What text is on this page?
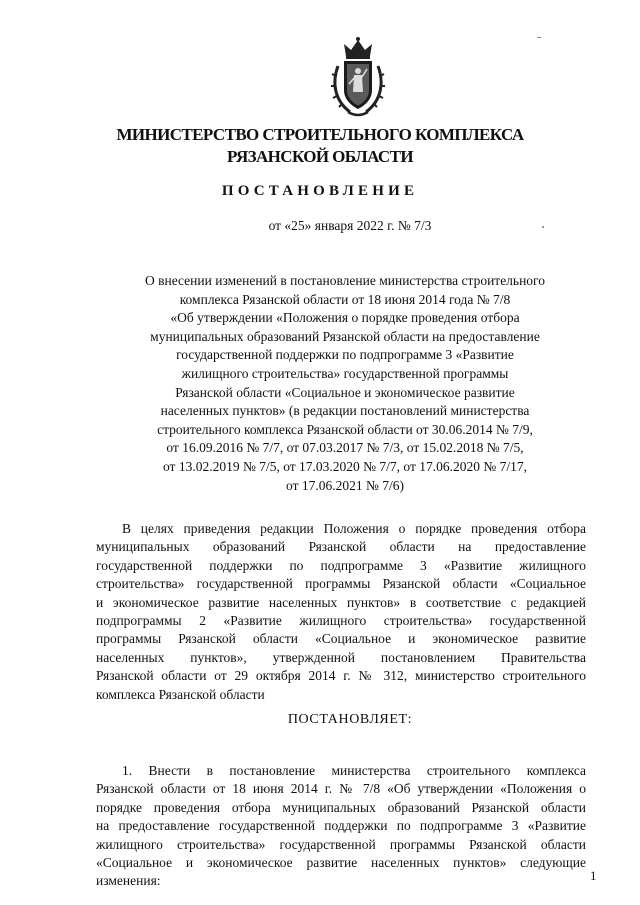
МИНИСТЕРСТВО СТРОИТЕЛЬНОГО КОМПЛЕКСА
РЯЗАНСКОЙ ОБЛАСТИ
ПОСТАНОВЛЕНИЕ
от «25» января 2022 г. № 7/3
О внесении изменений в постановление министерства строительного
комплекса Рязанской области от 18 июня 2014 года № 7/8
«Об утверждении «Положения о порядке проведения отбора
муниципальных образований Рязанской области на предоставление
государственной поддержки по подпрограмме 3 «Развитие
жилищного строительства» государственной программы
Рязанской области «Социальное и экономическое развитие
населенных пунктов» (в редакции постановлений министерства
строительного комплекса Рязанской области от 30.06.2014 № 7/9,
от 16.09.2016 № 7/7, от 07.03.2017 № 7/3, от 15.02.2018 № 7/5,
от 13.02.2019 № 7/5, от 17.03.2020 № 7/7, от 17.06.2020 № 7/17,
от 17.06.2021 № 7/6)
В целях приведения редакции Положения о порядке проведения отбора
муниципальных образований Рязанской области на предоставление
государственной поддержки по подпрограмме 3 «Развитие жилищного
строительства» государственной программы Рязанской области «Социальное
и экономическое развитие населенных пунктов» в соответствие с редакцией
подпрограммы 2 «Развитие жилищного строительства» государственной
программы Рязанской области «Социальное и экономическое развитие
населенных пунктов», утвержденной постановлением Правительства
Рязанской области от 29 октября 2014 г. № 312, министерство строительного
комплекса Рязанской области
ПОСТАНОВЛЯЕТ:
1. Внести в постановление министерства строительного комплекса
Рязанской области от 18 июня 2014 г. № 7/8 «Об утверждении «Положения о
порядке проведения отбора муниципальных образований Рязанской области
на предоставление государственной поддержки по подпрограмме 3 «Развитие
жилищного строительства» государственной программы Рязанской области
«Социальное и экономическое развитие населенных пунктов» следующие
изменения:	1
